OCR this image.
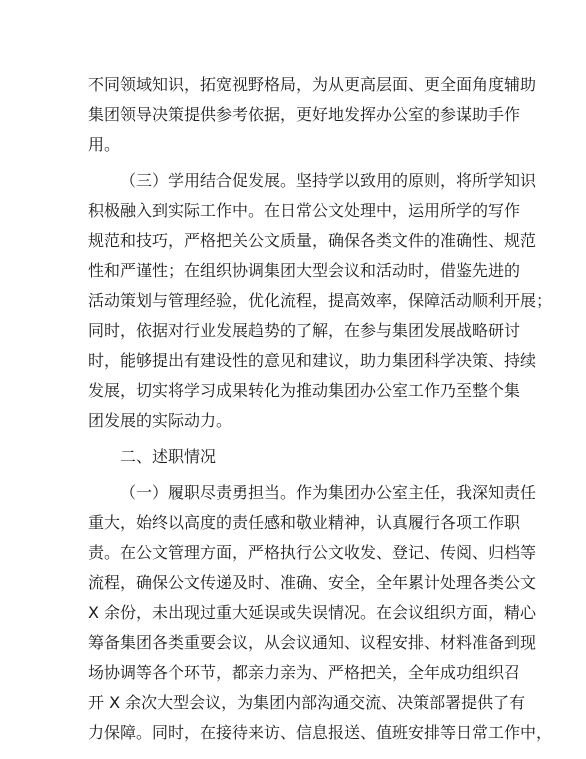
不同领域知识，拓宽视野格局，为从更高层面、更全面角度辅助
集团领导决策提供参考依据，更好地发挥办公室的参谋助手作
用。
（三）学用结合促发展。坚持学以致用的原则，将所学知识
积极融入到实际工作中。在日常公文处理中，运用所学的写作
规范和技巧，严格把关公文质量，确保各类文件的准确性、规范
性和严谨性；在组织协调集团大型会议和活动时，借鉴先进的
活动策划与管理经验，优化流程，提高效率，保障活动顺利开展；
同时，依据对行业发展趋势的了解，在参与集团发展战略研讨
时，能够提出有建设性的意见和建议，助力集团科学决策、持续
发展，切实将学习成果转化为推动集团办公室工作乃至整个集
团发展的实际动力。
二、述职情况
（一）履职尽责勇担当。作为集团办公室主任，我深知责任
重大，始终以高度的责任感和敬业精神，认真履行各项工作职
责。在公文管理方面，严格执行公文收发、登记、传阅、归档等
流程，确保公文传递及时、准确、安全，全年累计处理各类公文
X 余份，未出现过重大延误或失误情况。在会议组织方面，精心
筹备集团各类重要会议，从会议通知、议程安排、材料准备到现
场协调等各个环节，都亲力亲为、严格把关，全年成功组织召
开 X 余次大型会议，为集团内部沟通交流、决策部署提供了有
力保障。同时，在接待来访、信息报送、值班安排等日常工作中，
